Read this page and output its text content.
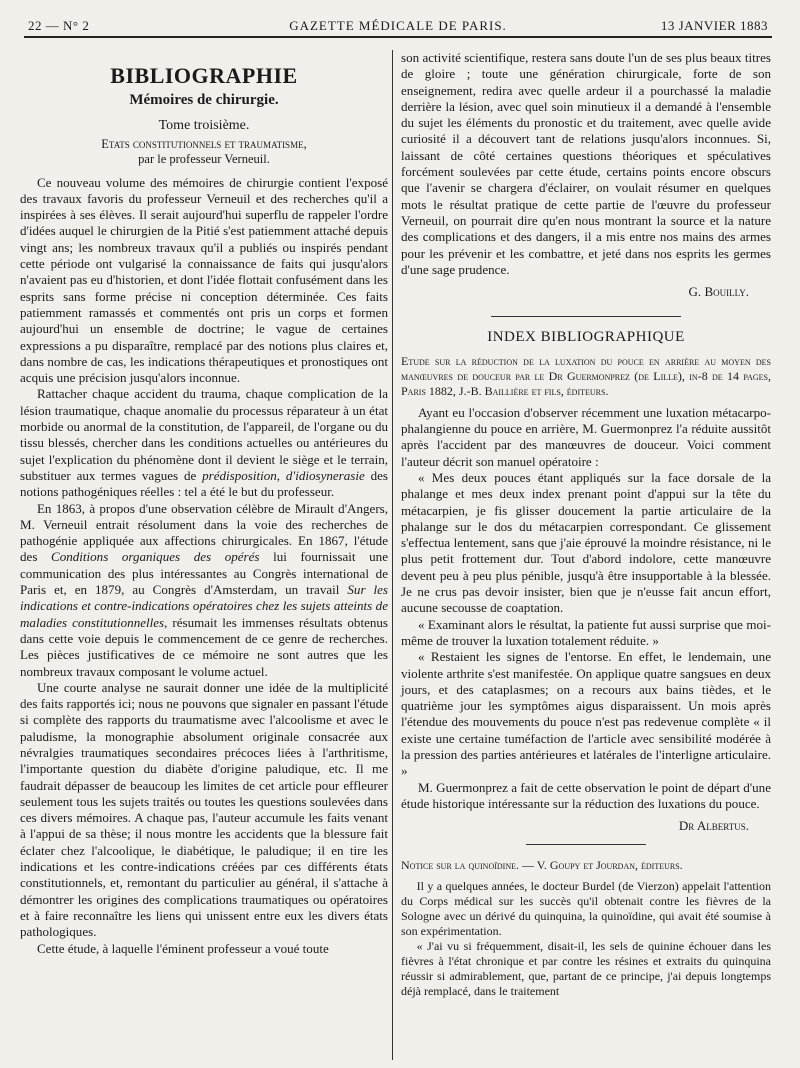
22 — N° 2	GAZETTE MÉDICALE DE PARIS.	13 JANVIER 1883
BIBLIOGRAPHIE
Mémoires de chirurgie.
Tome troisième.
Etats constitutionnels et traumatisme,
par le professeur Verneuil.

Ce nouveau volume des mémoires de chirurgie contient l'exposé des travaux favoris du professeur Verneuil et des recherches qu'il a inspirées à ses élèves. Il serait aujourd'hui superflu de rappeler l'ordre d'idées auquel le chirurgien de la Pitié s'est patiemment attaché depuis vingt ans; les nombreux travaux qu'il a publiés ou inspirés pendant cette période ont vulgarisé la connaissance de faits qui jusqu'alors n'avaient pas eu d'historien, et dont l'idée flottait confusément dans les esprits sans forme précise ni conception déterminée. Ces faits patiemment ramassés et commentés ont pris un corps et formen aujourd'hui un ensemble de doctrine; le vague de certaines expressions a pu disparaître, remplacé par des notions plus claires et, dans nombre de cas, les indications thérapeutiques et pronostiques ont acquis une précision jusqu'alors inconnue.

Rattacher chaque accident du trauma, chaque complication de la lésion traumatique, chaque anomalie du processus réparateur à un état morbide ou anormal de la constitution, de l'appareil, de l'organe ou du tissu blessés, chercher dans les conditions actuelles ou antérieures du sujet l'explication du phénomène dont il devient le siège et le terrain, substituer aux termes vagues de prédisposition, d'idiosynerasie des notions pathogéniques réelles : tel a été le but du professeur.

En 1863, à propos d'une observation célèbre de Mirault d'Angers, M. Verneuil entrait résolument dans la voie des recherches de pathogénie appliquée aux affections chirurgicales. En 1867, l'étude des Conditions organiques des opérés lui fournissait une communication des plus intéressantes au Congrès international de Paris et, en 1879, au Congrès d'Amsterdam, un travail Sur les indications et contre-indications opératoires chez les sujets atteints de maladies constitutionnelles, résumait les immenses résultats obtenus dans cette voie depuis le commencement de ce genre de recherches. Les pièces justificatives de ce mémoire ne sont autres que les nombreux travaux composant le volume actuel.

Une courte analyse ne saurait donner une idée de la multiplicité des faits rapportés ici; nous ne pouvons que signaler en passant l'étude si complète des rapports du traumatisme avec l'alcoolisme et avec le paludisme, la monographie absolument originale consacrée aux névralgies traumatiques secondaires précoces liées à l'arthritisme, l'importante question du diabète d'origine paludique, etc. Il me faudrait dépasser de beaucoup les limites de cet article pour effleurer seulement tous les sujets traités ou toutes les questions soulevées dans ces divers mémoires. A chaque pas, l'auteur accumule les faits venant à l'appui de sa thèse; il nous montre les accidents que la blessure fait éclater chez l'alcoolique, le diabétique, le paludique; il en tire les indications et les contre-indications créées par ces différents états constitutionnels, et, remontant du particulier au général, il s'attache à démontrer les origines des complications traumatiques ou opératoires et à faire reconnaître les liens qui unissent entre eux les divers états pathologiques.

Cette étude, à laquelle l'éminent professeur a voué toute

son activité scientifique, restera sans doute l'un de ses plus beaux titres de gloire ; toute une génération chirurgicale, forte de son enseignement, redira avec quelle ardeur il a pourchassé la maladie derrière la lésion, avec quel soin minutieux il a demandé à l'ensemble du sujet les éléments du pronostic et du traitement, avec quelle avide curiosité il a découvert tant de relations jusqu'alors inconnues. Si, laissant de côté certaines questions théoriques et spéculatives forcément soulevées par cette étude, certains points encore obscurs que l'avenir se chargera d'éclairer, on voulait résumer en quelques mots le résultat pratique de cette partie de l'œuvre du professeur Verneuil, on pourrait dire qu'en nous montrant la source et la nature des complications et des dangers, il a mis entre nos mains des armes pour les prévenir et les combattre, et jeté dans nos esprits les germes d'une sage prudence.

G. Bouilly.
INDEX BIBLIOGRAPHIQUE

Etude sur la réduction de la luxation du pouce en arrière au moyen des manœuvres de douceur par le Dr Guermonprez (de Lille), in-8 de 14 pages, Paris 1882, J.-B. Baillière et fils, éditeurs.

Ayant eu l'occasion d'observer récemment une luxation métacarpo-phalangienne du pouce en arrière, M. Guermonprez l'a réduite aussitôt après l'accident par des manœuvres de douceur. Voici comment l'auteur décrit son manuel opératoire :

« Mes deux pouces étant appliqués sur la face dorsale de la phalange et mes deux index prenant point d'appui sur la tête du métacarpien, je fis glisser doucement la partie articulaire de la phalange sur le dos du métacarpien correspondant. Ce glissement s'effectua lentement, sans que j'aie éprouvé la moindre résistance, ni le plus petit frottement dur. Tout d'abord indolore, cette manœuvre devent peu à peu plus pénible, jusqu'à être insupportable à la blessée. Je ne crus pas devoir insister, bien que je n'eusse fait ancun effort, aucune secousse de coaptation.

« Examinant alors le résultat, la patiente fut aussi surprise que moi-même de trouver la luxation totalement réduite. »

« Restaient les signes de l'entorse. En effet, le lendemain, une violente arthrite s'est manifestée. On applique quatre sangsues en deux jours, et des cataplasmes; on a recours aux bains tièdes, et le quatrième jour les symptômes aigus disparaissent. Un mois après l'étendue des mouvements du pouce n'est pas redevenue complète « il existe une certaine tuméfaction de l'article avec sensibilité modérée à la pression des parties antérieures et latérales de l'interligne articulaire. »

M. Guermonprez a fait de cette observation le point de départ d'une étude historique intéressante sur la réduction des luxations du pouce.

Dr Albertus.

Notice sur la quinoïdine. — V. Goupy et Jourdan, éditeurs.

Il y a quelques années, le docteur Burdel (de Vierzon) appelait l'attention du Corps médical sur les succès qu'il obtenait contre les fièvres de la Sologne avec un dérivé du quinquina, la quinoïdine, qui avait été soumise à son expérimentation.

« J'ai vu si fréquemment, disait-il, les sels de quinine échouer dans les fièvres à l'état chronique et par contre les résines et extraits du quinquina réussir si admirablement, que, partant de ce principe, j'ai depuis longtemps déjà remplacé, dans le traitement
